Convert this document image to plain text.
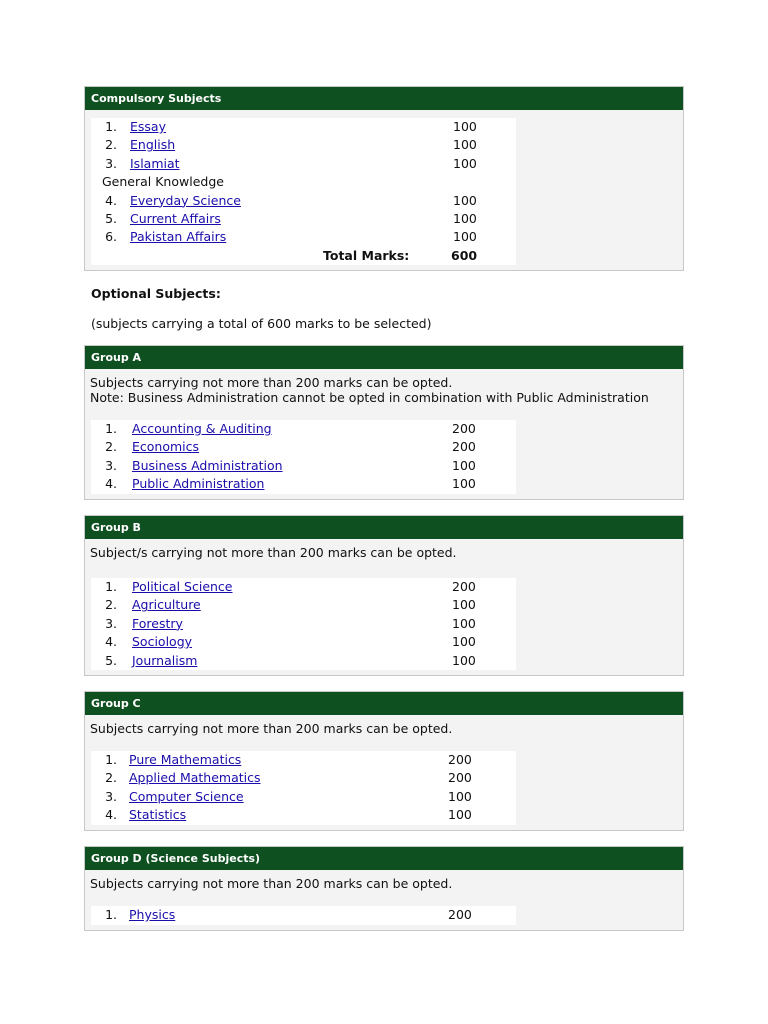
Compulsory Subjects
1. Essay	100
2. English	100
3. Islamiat	100
General Knowledge
4. Everyday Science	100
5. Current Affairs	100
6. Pakistan Affairs	100
Total Marks:	600
Optional Subjects:
(subjects carrying a total of 600 marks to be selected)
Group A
Subjects carrying not more than 200 marks can be opted.
Note: Business Administration cannot be opted in combination with Public Administration
1. Accounting & Auditing	200
2. Economics	200
3. Business Administration	100
4. Public Administration	100
Group B
Subject/s carrying not more than 200 marks can be opted.
1. Political Science	200
2. Agriculture	100
3. Forestry	100
4. Sociology	100
5. Journalism	100
Group C
Subjects carrying not more than 200 marks can be opted.
1. Pure Mathematics	200
2. Applied Mathematics	200
3. Computer Science	100
4. Statistics	100
Group D (Science Subjects)
Subjects carrying not more than 200 marks can be opted.
1. Physics	200
